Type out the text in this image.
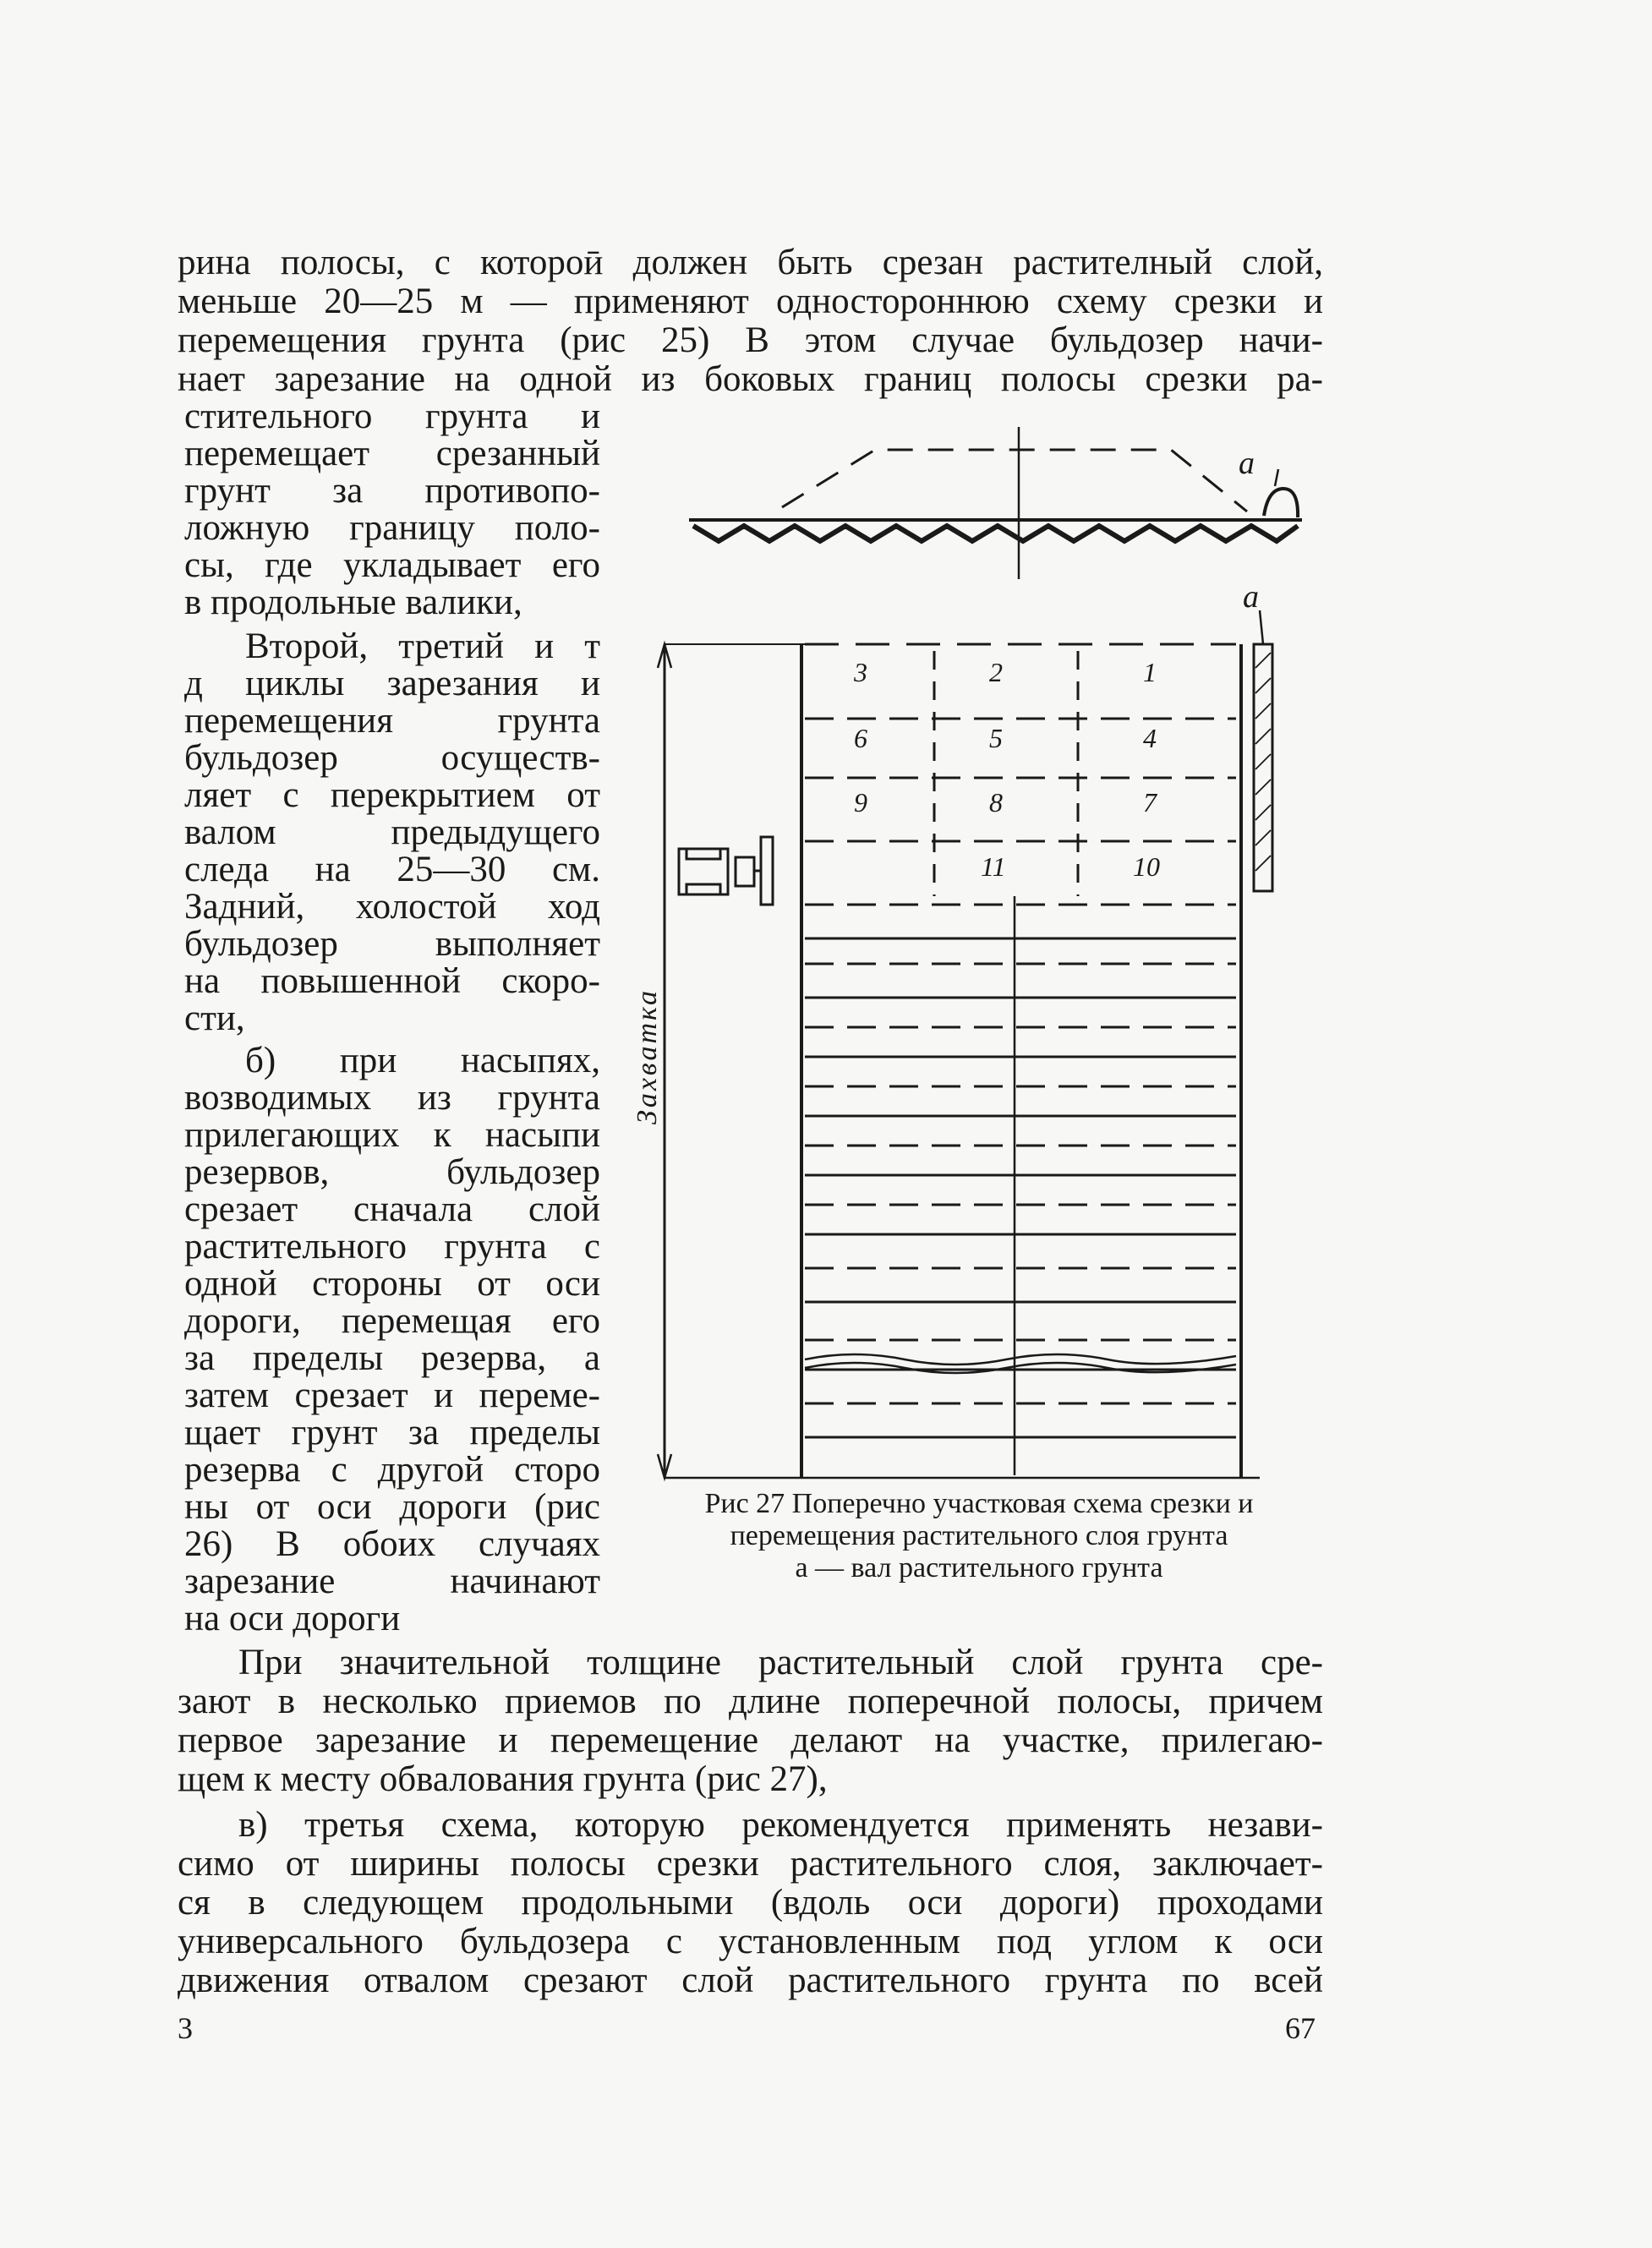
рина полосы, с котороӣ должен быть срезан растителный слой,
меньше 20—25 м — применяют одностороннюю схему срезки и
перемещения грунта (рис 25) В этом случае бульдозер начи-
нает зарезание на одной из боковых границ полосы срезки ра-
стительного грунта и
перемещает срезанный
грунт за противопо-
ложную границу поло-
сы, где укладывает его
в продольные валики,
Второй, третий и т
д циклы зарезания и
перемещения грунта
бульдозер осуществ-
ляет с перекрытием от
валом предыдущего
следа на 25—30 см.
Задний, холостой ход
бульдозер выполняет
на повышенной скоро-
сти,
б) при насыпях,
возводимых из грунта
прилегающих к насыпи
резервов, бульдозер
срезает сначала слой
растительного грунта с
одной стороны от оси
дороги, перемещая его
за пределы резерва, а
затем срезает и переме-
щает грунт за пределы
резерва с другой сторо
ны от оси дороги (рис
26) В обоих случаях
зарезание начинают
на оси дороги
а
а
3	2	1
6	5	4
9	8	7
11	10
Захватка
Рис 27 Поперечно участковая схема срезки и
перемещения растительного слоя грунта
а — вал растительного грунта
При значительной толщине растительный слой грунта сре-
зают в несколько приемов по длине поперечной полосы, причем
первое зарезание и перемещение делают на участке, прилегаю-
щем к месту обвалования грунта (рис 27),
в) третья схема, которую рекомендуется применять незави-
симо от ширины полосы срезки растительного слоя, заключает-
ся в следующем продольными (вдоль оси дороги) проходами
универсального бульдозера с установленным под углом к оси
движения отвалом срезают слой растительного грунта по всей
3	67
